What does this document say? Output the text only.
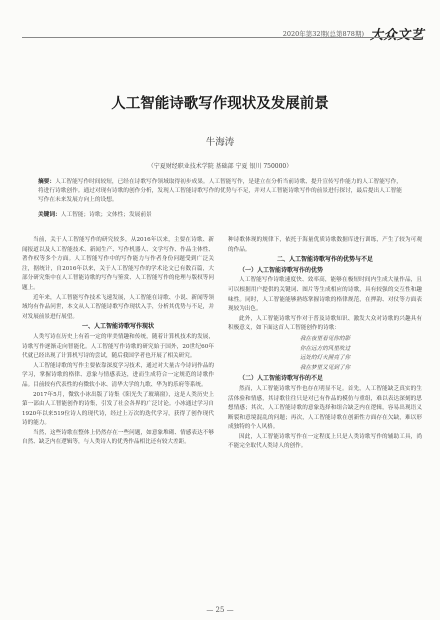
2020年第32期(总第878期) 大众文艺
人工智能诗歌写作现状及发展前景
牛海涛
（宁夏财经职业技术学院 基础部 宁夏 银川 750000）
摘要：人工智能写作时间较短，已经在诗歌写作领域取得初步成果。人工智能写作，是建立在分析当前诗歌、提升宣传写作能力的人工智能写作，将进行诗歌创作。通过对现有诗歌的创作分析，发现人工智能诗歌写作的优势与不足，并对人工智能诗歌写作的前景进行探讨，最后提出人工智能写作在未来发展方向上的设想。
关键词：人工智能；诗歌；文体性；发展前景

当前，关于人工智能写作的研究较多，从2016年以来，主要在诗歌、新闻报道以及人工智能技术、新闻生产、写作机器人、文学写作、作品主体性、著作权等多个方面。人工智能写作中的写作能力与作者身份问题受到广泛关注，据统计，自2016年以来，关于人工智能写作的学术论文已有数百篇，大部分研究集中在人工智能诗歌的写作与鉴赏、人工智能写作的伦理与版权等问题上。

近年来，人工智能写作技术飞速发展，人工智能在诗歌、小说、新闻等领域均有作品问世，本文从人工智能诗歌写作现状入手，分析其优势与不足，并对发展前景进行展望。

一、人工智能诗歌写作现状

人类写诗在历史上有着一定的审美情趣和传统，随着计算机技术的发展，诗歌写作逐渐走向智能化。人工智能写作诗歌的研究始于国外，20世纪60年代就已经出现了计算机写诗的尝试，随后我国学者也开展了相关研究。

人工智能诗歌的写作主要依靠深度学习技术，通过对大量古今诗词作品的学习，掌握诗歌的格律、意象与情感表达，进而生成符合一定规范的诗歌作品。目前较有代表性的有微软小冰、清华大学的九歌、华为的乐府等系统。

2017年5月，微软小冰出版了诗集《阳光失了玻璃窗》，这是人类历史上第一部由人工智能创作的诗集，引发了社会各界的广泛讨论。小冰通过学习自1920年以来519位诗人的现代诗，经过上万次的迭代学习，获得了创作现代诗的能力。

当然，这些诗歌在整体上仍然存在一些问题，如意象堆砌、情感表达不够自然、缺乏内在逻辑等，与人类诗人的优秀作品相比还有较大差距。

种诗歌体现的规律下，依托于海量优质诗歌数据库进行训练，产生了较为可观的作品。

二、人工智能诗歌写作的优势与不足
（一）人工智能诗歌写作的优势

人工智能写作诗歌速度快、效率高，能够在极短时间内生成大量作品，且可以根据用户提供的关键词、图片等生成相应的诗歌，具有较强的交互性和趣味性。同时，人工智能能够熟练掌握诗歌的格律规范，在押韵、对仗等方面表现较为出色。

此外，人工智能诗歌写作对于普及诗歌知识、激发大众对诗歌的兴趣具有积极意义，如下面这首人工智能创作的诗歌：

我在夜里看见你的影
你在远方的风里吹过
远处的灯火照亮了你
我在梦里又见到了你
（二）人工智能诗歌写作的不足

然而，人工智能诗歌写作也存在明显不足。首先，人工智能缺乏真实的生活体验和情感，其诗歌往往只是对已有作品的模仿与重组，难以表达深刻的思想情感；其次，人工智能诗歌的意象选择和组合缺乏内在逻辑，容易出现语义断裂和意境混乱的问题；再次，人工智能诗歌在创新性方面存在欠缺，难以形成独特的个人风格。

因此，人工智能诗歌写作在一定程度上只是人类诗歌写作的辅助工具，尚不能完全取代人类诗人的创作。

— 25 —
